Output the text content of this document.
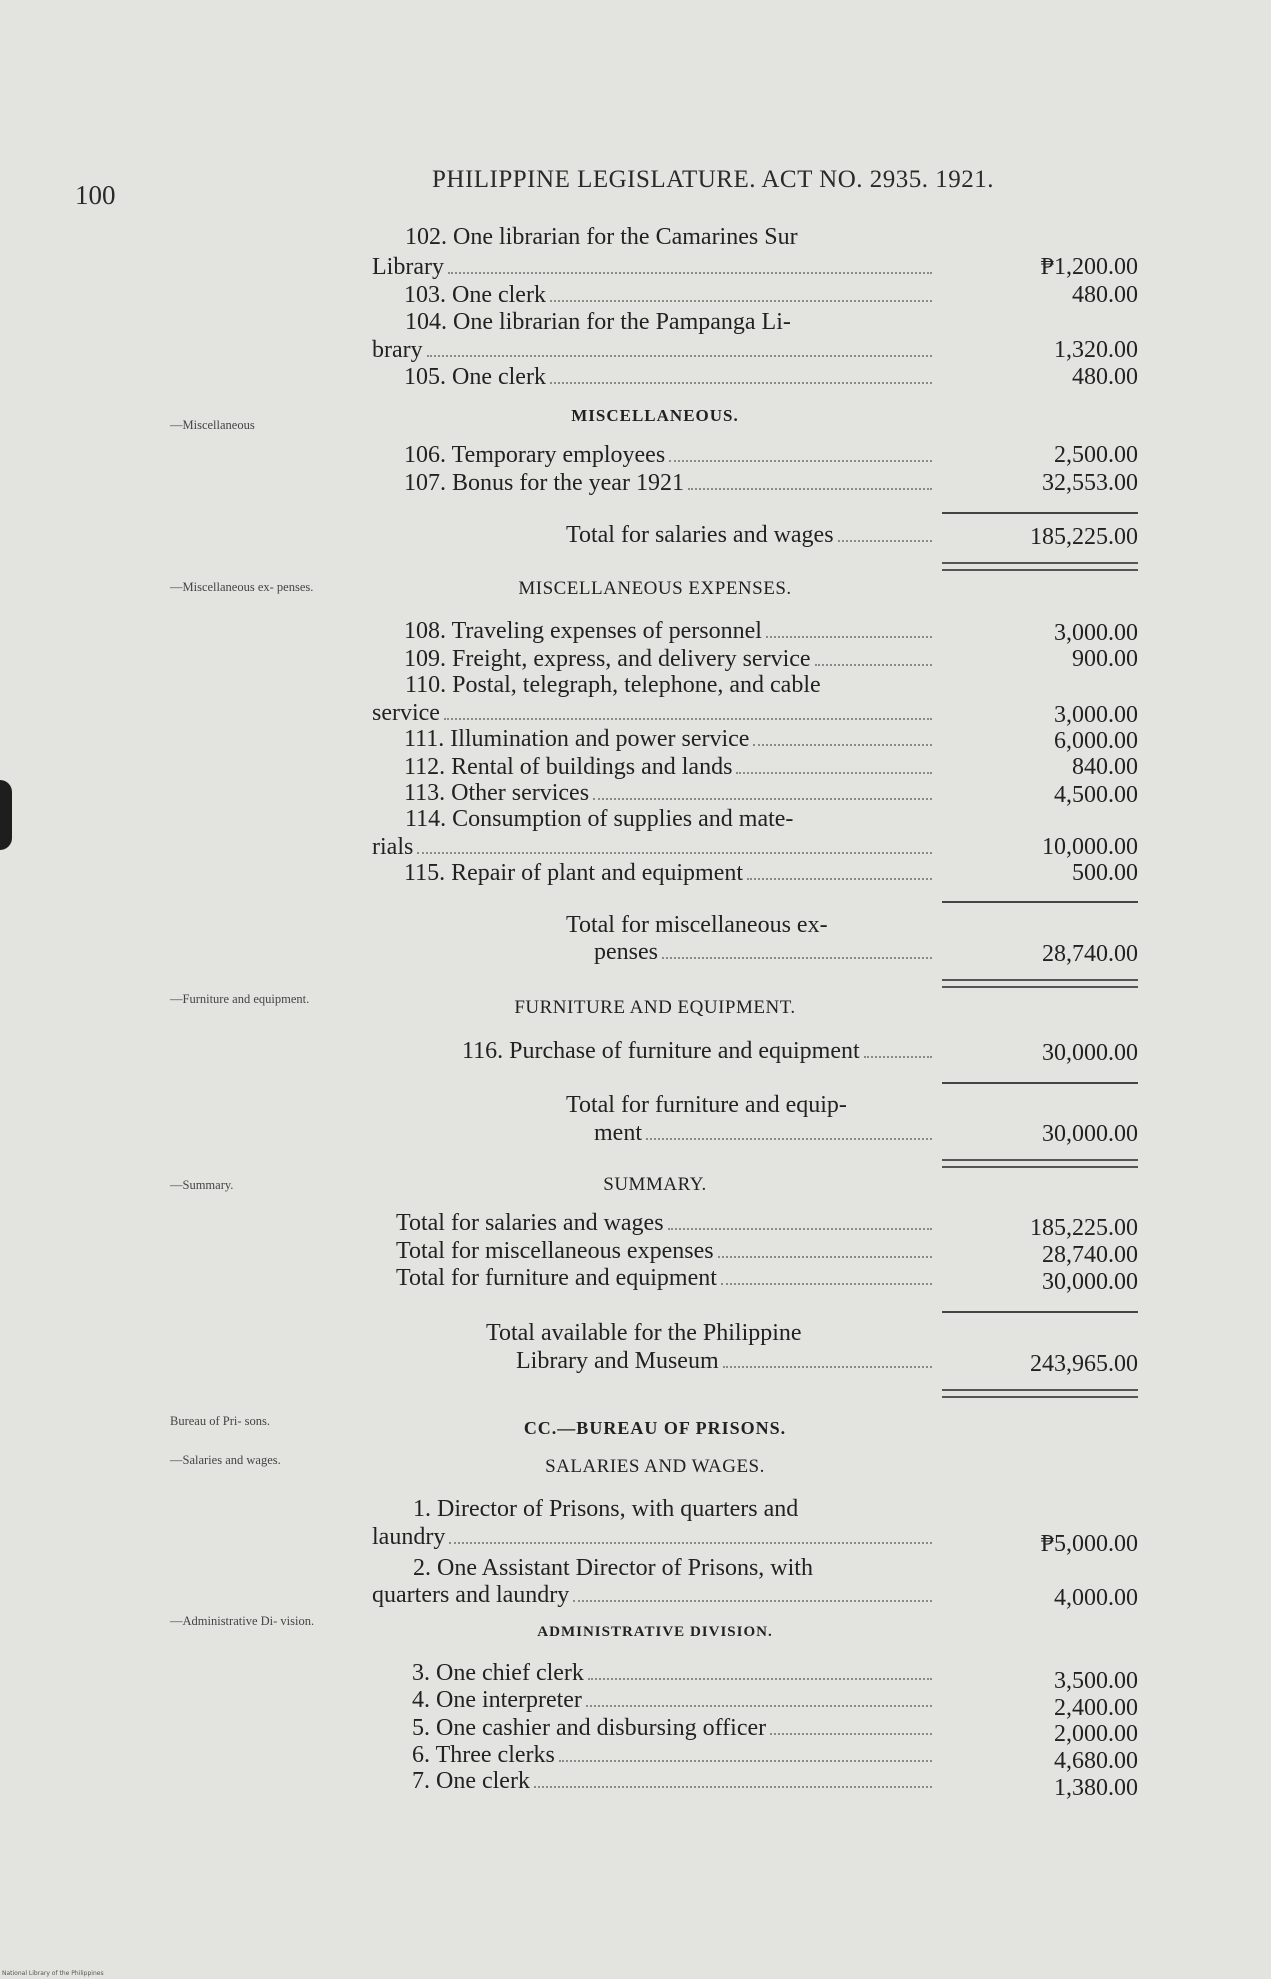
100
PHILIPPINE LEGISLATURE. ACT NO. 2935. 1921.
102. One librarian for the Camarines Sur
Library	₱1,200.00
103. One clerk	480.00
104. One librarian for the Pampanga Li-
brary	1,320.00
105. One clerk	480.00
—Miscellaneous	MISCELLANEOUS.
106. Temporary employees	2,500.00
107. Bonus for the year 1921	32,553.00
Total for salaries and wages	185,225.00
—Miscellaneous ex- penses.	MISCELLANEOUS EXPENSES.
108. Traveling expenses of personnel	3,000.00
109. Freight, express, and delivery service	900.00
110. Postal, telegraph, telephone, and cable
service	3,000.00
111. Illumination and power service	6,000.00
112. Rental of buildings and lands	840.00
113. Other services	4,500.00
114. Consumption of supplies and mate-
rials	10,000.00
115. Repair of plant and equipment	500.00
Total for miscellaneous ex-
penses	28,740.00
—Furniture and equipment.	FURNITURE AND EQUIPMENT.
116. Purchase of furniture and equipment	30,000.00
Total for furniture and equip-
ment	30,000.00
—Summary.	SUMMARY.
Total for salaries and wages	185,225.00
Total for miscellaneous expenses	28,740.00
Total for furniture and equipment	30,000.00
Total available for the Philippine
Library and Museum	243,965.00
Bureau of Pri- sons.
—Salaries and wages.
CC.—BUREAU OF PRISONS.
SALARIES AND WAGES.
1. Director of Prisons, with quarters and
laundry	₱5,000.00
2. One Assistant Director of Prisons, with
quarters and laundry	4,000.00
—Administrative Di- vision.
ADMINISTRATIVE DIVISION.
3. One chief clerk	3,500.00
4. One interpreter	2,400.00
5. One cashier and disbursing officer	2,000.00
6. Three clerks	4,680.00
7. One clerk	1,380.00
National Library of the Philippines
